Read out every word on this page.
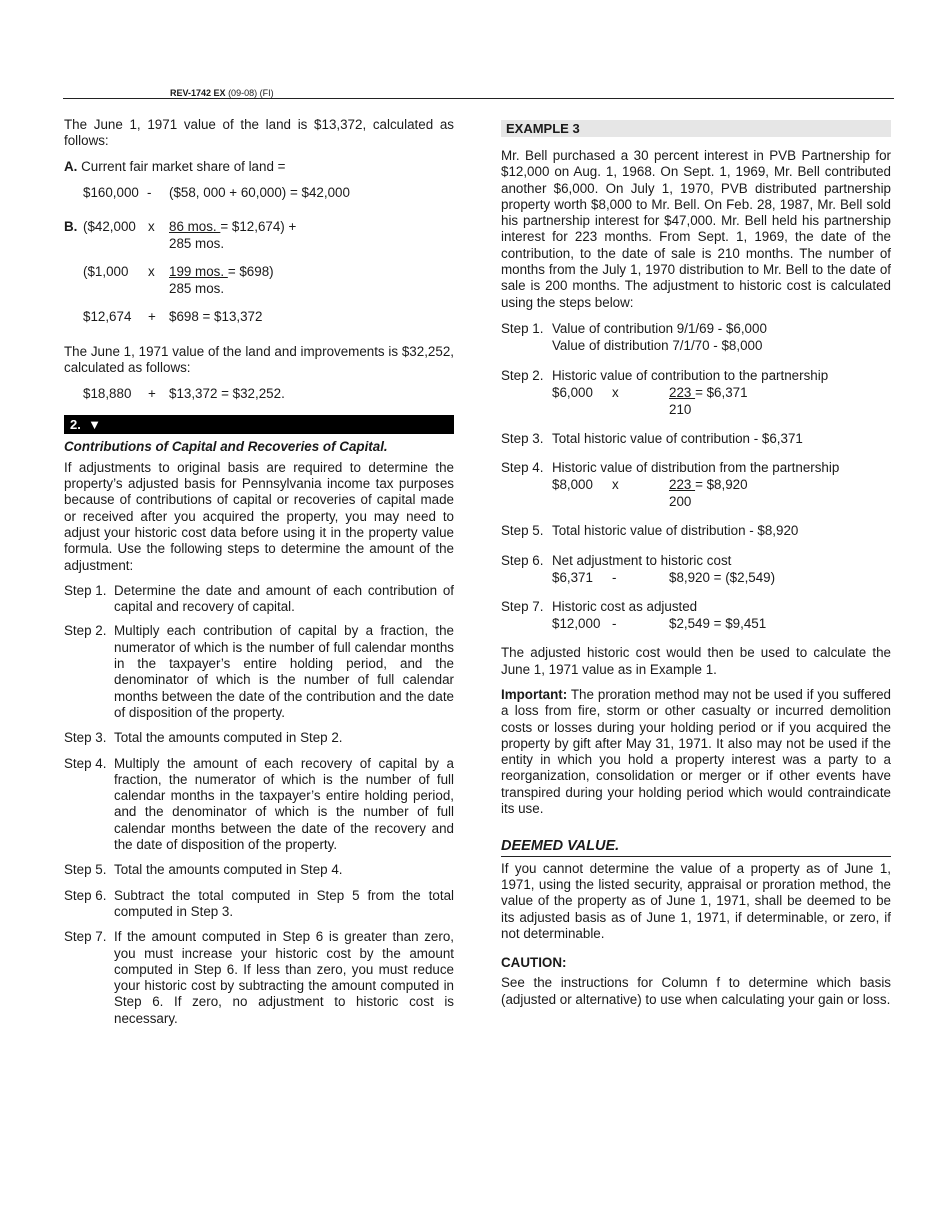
REV-1742 EX (09-08) (FI)

The June 1, 1971 value of the land is $13,372, calculated as follows:

A. Current fair market share of land =
$160,000 - ($58, 000 + 60,000) = $42,000
B. ($42,000 x 86 mos. = $12,674) +
285 mos.
($1,000 x 199 mos. = $698)
285 mos.
$12,674 + $698 = $13,372

The June 1, 1971 value of the land and improvements is $32,252, calculated as follows:

$18,880 + $13,372 = $32,252.
2. ▼
Contributions of Capital and Recoveries of Capital.

If adjustments to original basis are required to determine the property’s adjusted basis for Pennsylvania income tax purposes because of contributions of capital or recoveries of capital made or received after you acquired the property, you may need to adjust your historic cost data before using it in the property value formula. Use the following steps to determine the amount of the adjustment:

Step 1. Determine the date and amount of each contribution of capital and recovery of capital.
Step 2. Multiply each contribution of capital by a fraction, the numerator of which is the number of full calendar months in the taxpayer’s entire holding period, and the denominator of which is the number of full calendar months between the date of the contribution and the date of disposition of the property.
Step 3. Total the amounts computed in Step 2.
Step 4. Multiply the amount of each recovery of capital by a fraction, the numerator of which is the number of full calendar months in the taxpayer’s entire holding period, and the denominator of which is the number of full calendar months between the date of the recovery and the date of disposition of the property.
Step 5. Total the amounts computed in Step 4.
Step 6. Subtract the total computed in Step 5 from the total computed in Step 3.
Step 7. If the amount computed in Step 6 is greater than zero, you must increase your historic cost by the amount computed in Step 6. If less than zero, you must reduce your historic cost by subtracting the amount computed in Step 6. If zero, no adjustment to historic cost is necessary.
EXAMPLE 3

Mr. Bell purchased a 30 percent interest in PVB Partnership for $12,000 on Aug. 1, 1968. On Sept. 1, 1969, Mr. Bell contributed another $6,000. On July 1, 1970, PVB distributed partnership property worth $8,000 to Mr. Bell. On Feb. 28, 1987, Mr. Bell sold his partnership interest for $47,000. Mr. Bell held his partnership interest for 223 months. From Sept. 1, 1969, the date of the contribution, to the date of sale is 210 months. The number of months from the July 1, 1970 distribution to Mr. Bell to the date of sale is 200 months. The adjustment to historic cost is calculated using the steps below:

Step 1. Value of contribution 9/1/69 - $6,000
Value of distribution 7/1/70 - $8,000
Step 2. Historic value of contribution to the partnership
$6,000 x	223 = $6,371
210
Step 3. Total historic value of contribution - $6,371
Step 4. Historic value of distribution from the partnership
$8,000 x	223 = $8,920
200
Step 5. Total historic value of distribution - $8,920
Step 6. Net adjustment to historic cost
$6,371 -	$8,920 = ($2,549)
Step 7. Historic cost as adjusted
$12,000 -	$2,549 = $9,451

The adjusted historic cost would then be used to calculate the June 1, 1971 value as in Example 1.

Important: The proration method may not be used if you suffered a loss from fire, storm or other casualty or incurred demolition costs or losses during your holding period or if you acquired the property by gift after May 31, 1971. It also may not be used if the entity in which you hold a property interest was a party to a reorganization, consolidation or merger or if other events have transpired during your holding period which would contraindicate its use.

DEEMED VALUE.

If you cannot determine the value of a property as of June 1, 1971, using the listed security, appraisal or proration method, the value of the property as of June 1, 1971, shall be deemed to be its adjusted basis as of June 1, 1971, if determinable, or zero, if not determinable.

CAUTION:

See the instructions for Column f to determine which basis (adjusted or alternative) to use when calculating your gain or loss.
